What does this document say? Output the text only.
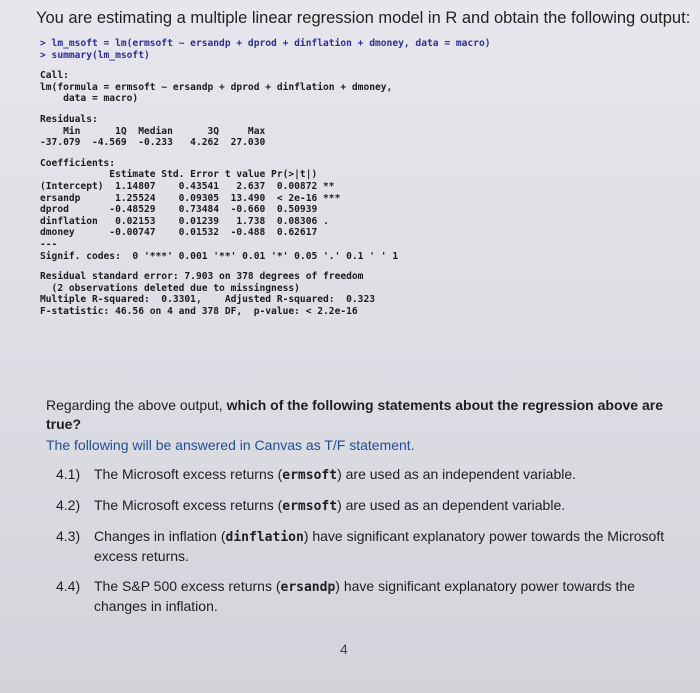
You are estimating a multiple linear regression model in R and obtain the following output:
> lm_msoft = lm(ermsoft ~ ersandp + dprod + dinflation + dmoney, data = macro)
> summary(lm_msoft)
Call:
lm(formula = ermsoft ~ ersandp + dprod + dinflation + dmoney,
data = macro)
Residuals:
Min      1Q  Median      3Q     Max
-37.079  -4.569  -0.233   4.262  27.030
Coefficients:
Estimate Std. Error t value Pr(>|t|)
(Intercept)  1.14807    0.43541   2.637  0.00872 **
ersandp      1.25524    0.09305  13.490  < 2e-16 ***
dprod       -0.48529    0.73484  -0.660  0.50939
dinflation   0.02153    0.01239   1.738  0.08306 .
dmoney      -0.00747    0.01532  -0.488  0.62617
---
Signif. codes:  0 '***' 0.001 '**' 0.01 '*' 0.05 '.' 0.1 ' ' 1
Residual standard error: 7.903 on 378 degrees of freedom
(2 observations deleted due to missingness)
Multiple R-squared:  0.3301,    Adjusted R-squared:  0.323
F-statistic: 46.56 on 4 and 378 DF,  p-value: < 2.2e-16
Regarding the above output, which of the following statements about the regression above are true?
The following will be answered in Canvas as T/F statement.
4.1) The Microsoft excess returns (ermsoft) are used as an independent variable.
4.2) The Microsoft excess returns (ermsoft) are used as an dependent variable.
4.3) Changes in inflation (dinflation) have significant explanatory power towards the Microsoft excess returns.
4.4) The S&P 500 excess returns (ersandp) have significant explanatory power towards the changes in inflation.
4
